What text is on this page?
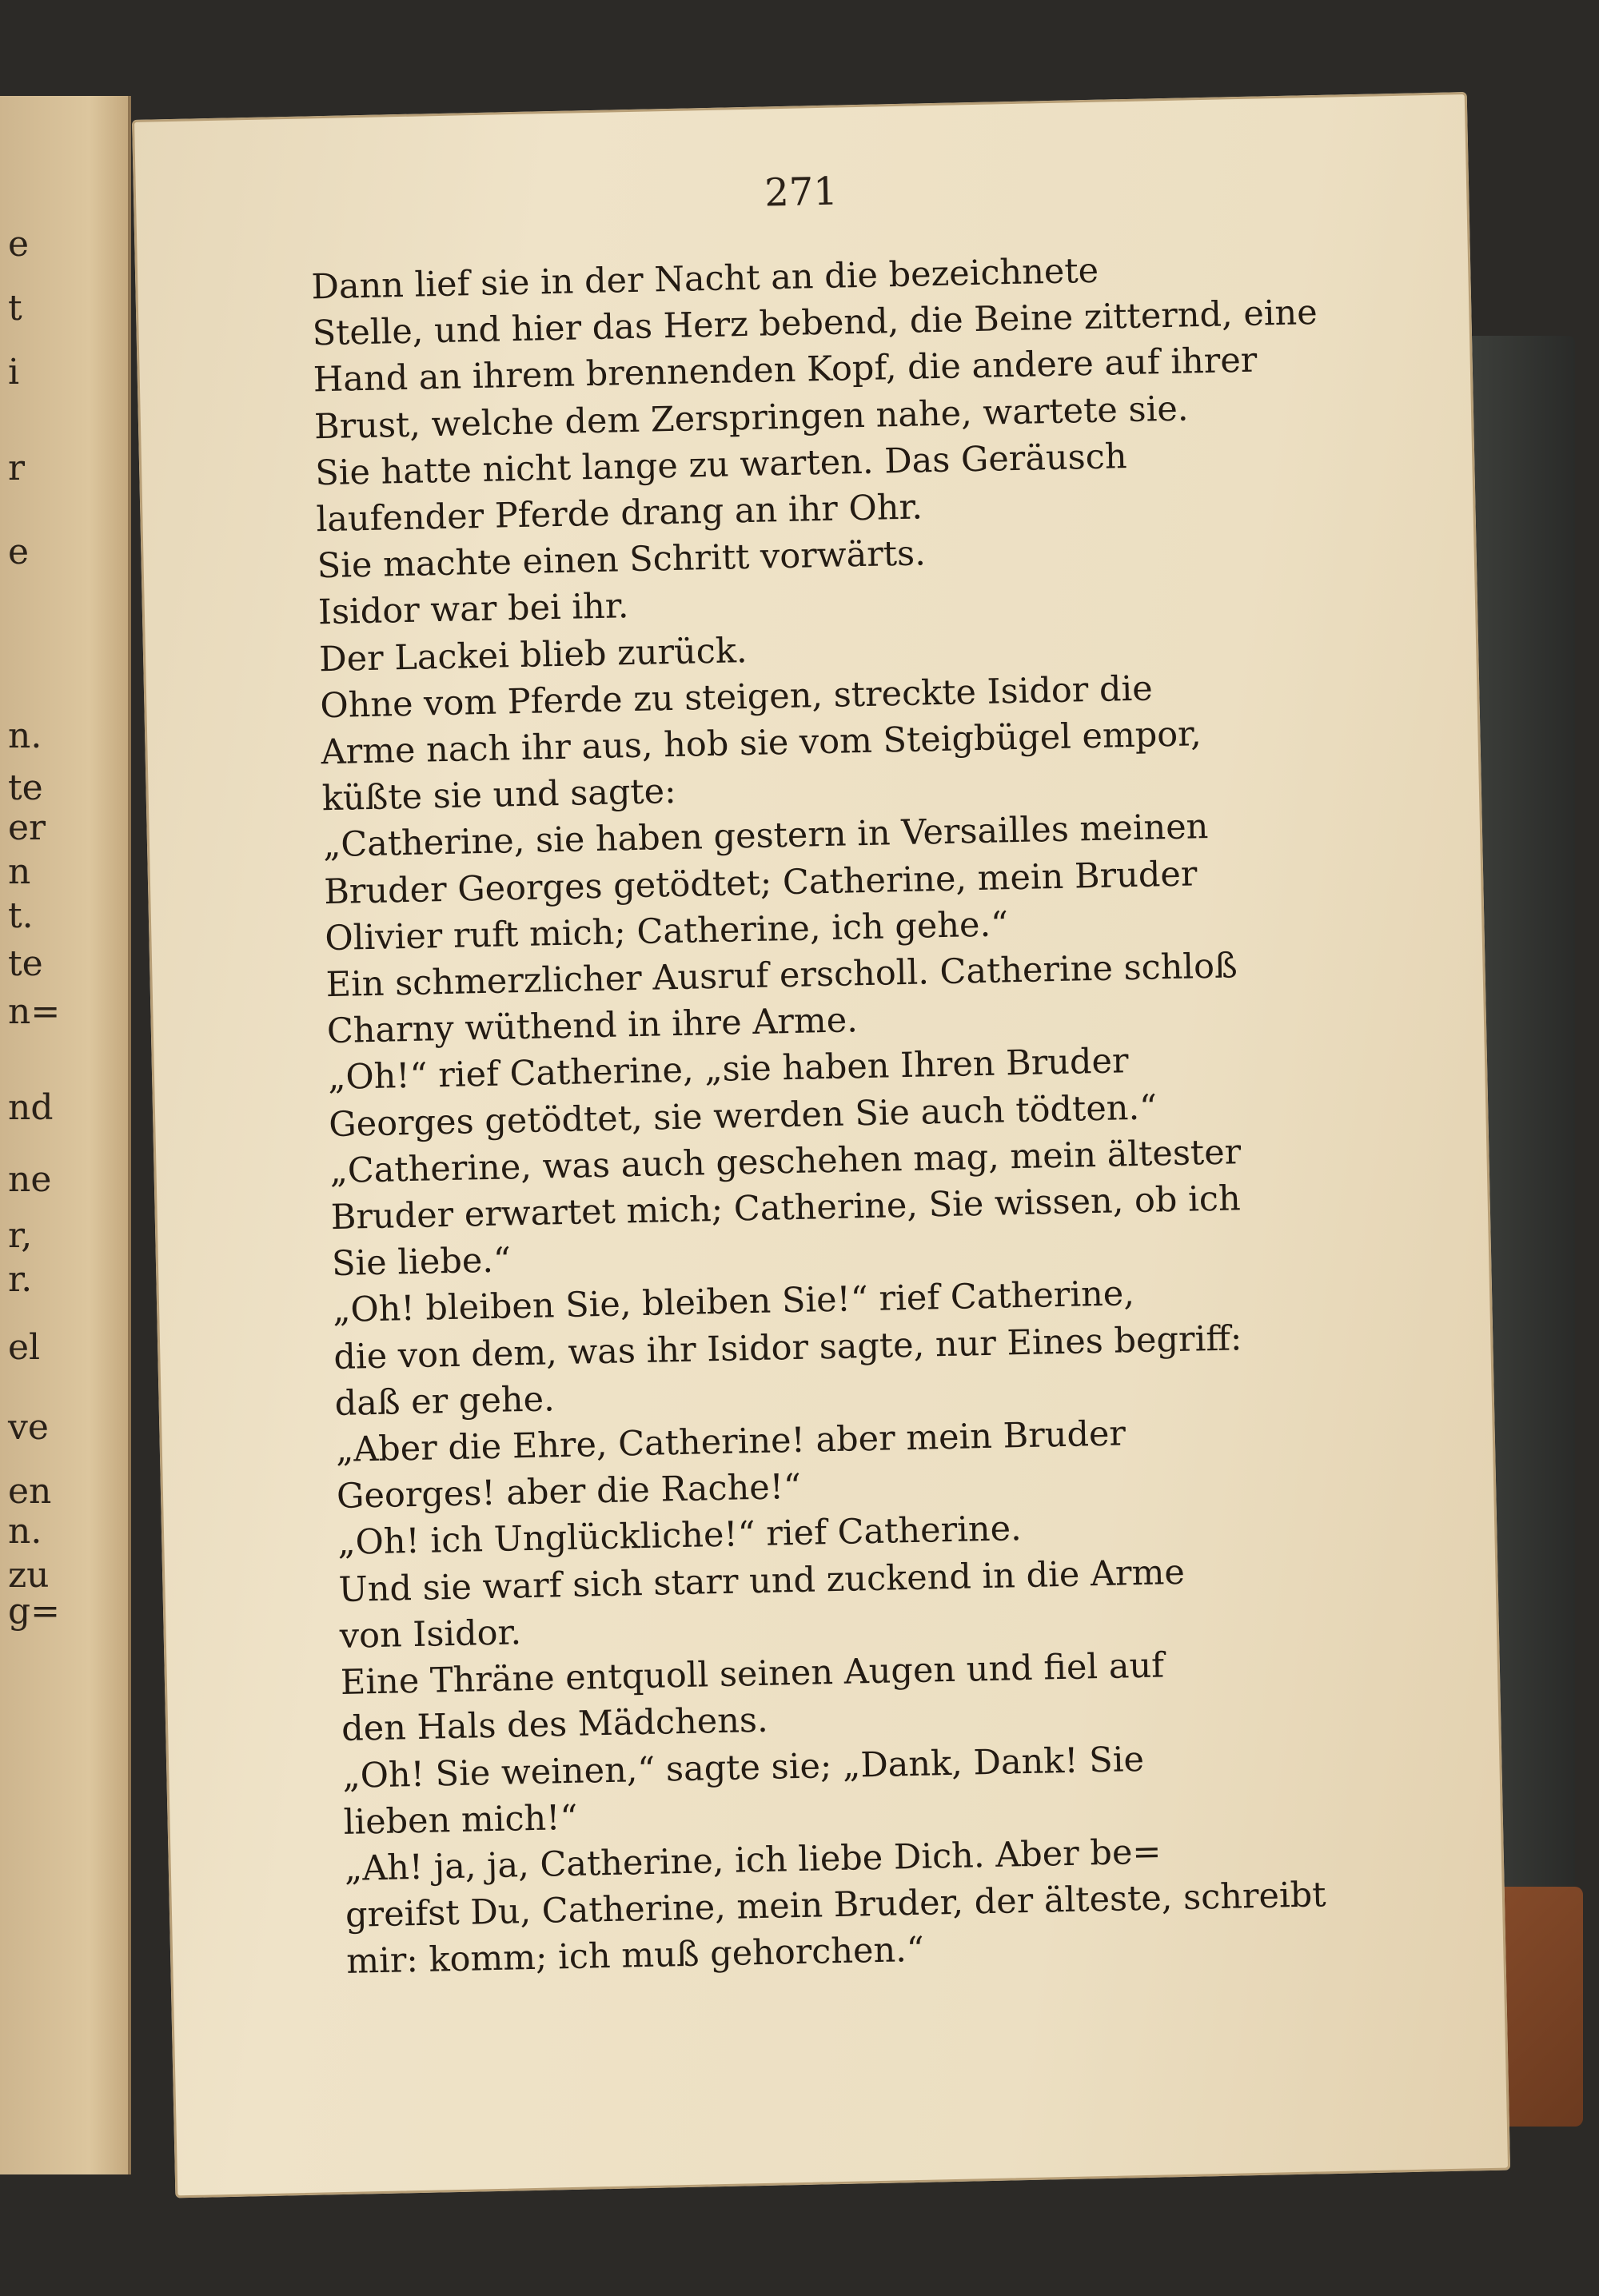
e
t
i
r
e
n.
te
er
n
t.
te
n=
nd
ne
r,
r.
el
ve
en
n.
zu
g=
271

Dann lief sie in der Nacht an die bezeichnete
Stelle, und hier das Herz bebend, die Beine zitternd, eine
Hand an ihrem brennenden Kopf, die andere auf ihrer
Brust, welche dem Zerspringen nahe, wartete sie.

Sie hatte nicht lange zu warten. Das Geräusch
laufender Pferde drang an ihr Ohr.

Sie machte einen Schritt vorwärts.

Isidor war bei ihr.

Der Lackei blieb zurück.

Ohne vom Pferde zu steigen, streckte Isidor die
Arme nach ihr aus, hob sie vom Steigbügel empor,
küßte sie und sagte:

„Catherine, sie haben gestern in Versailles meinen
Bruder Georges getödtet; Catherine, mein Bruder
Olivier ruft mich; Catherine, ich gehe.“

Ein schmerzlicher Ausruf erscholl. Catherine schloß
Charny wüthend in ihre Arme.

„Oh!“ rief Catherine, „sie haben Ihren Bruder
Georges getödtet, sie werden Sie auch tödten.“

„Catherine, was auch geschehen mag, mein ältester
Bruder erwartet mich; Catherine, Sie wissen, ob ich
Sie liebe.“

„Oh! bleiben Sie, bleiben Sie!“ rief Catherine,
die von dem, was ihr Isidor sagte, nur Eines begriff:
daß er gehe.

„Aber die Ehre, Catherine! aber mein Bruder
Georges! aber die Rache!“

„Oh! ich Unglückliche!“ rief Catherine.

Und sie warf sich starr und zuckend in die Arme
von Isidor.

Eine Thräne entquoll seinen Augen und fiel auf
den Hals des Mädchens.

„Oh! Sie weinen,“ sagte sie; „Dank, Dank! Sie
lieben mich!“

„Ah! ja, ja, Catherine, ich liebe Dich. Aber be=
greifst Du, Catherine, mein Bruder, der älteste, schreibt
mir: komm; ich muß gehorchen.“
